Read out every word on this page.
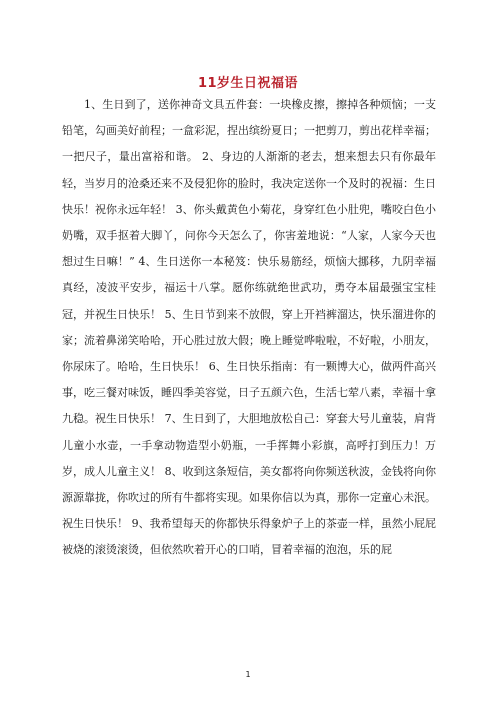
11岁生日祝福语

1、生日到了，送你神奇文具五件套：一块橡皮擦，擦掉各种烦恼；一支铅笔，勾画美好前程；一盒彩泥，捏出缤纷夏日；一把剪刀，剪出花样幸福；一把尺子，量出富裕和谐。 2、身边的人渐渐的老去，想来想去只有你最年轻，当岁月的沧桑还来不及侵犯你的脸时，我决定送你一个及时的祝福：生日快乐！祝你永远年轻！ 3、你头戴黄色小菊花，身穿红色小肚兜，嘴咬白色小奶嘴，双手抠着大脚丫，问你今天怎么了，你害羞地说：“人家，人家今天也想过生日嘛！” 4、生日送你一本秘笈：快乐易筋经，烦恼大挪移，九阴幸福真经，凌波平安步，福运十八掌。愿你练就绝世武功，勇夺本届最强宝宝桂冠，并祝生日快乐！ 5、生日节到来不放假，穿上开裆裤溜达，快乐溜进你的家；流着鼻涕笑哈哈，开心胜过放大假；晚上睡觉哗啦啦，不好啦，小朋友，你尿床了。哈哈，生日快乐！ 6、生日快乐指南：有一颗博大心，做两件高兴事，吃三餐对味饭，睡四季美容觉，日子五颜六色，生活七荤八素，幸福十拿九稳。祝生日快乐！ 7、生日到了，大胆地放松自己：穿套大号儿童装，肩背儿童小水壶，一手拿动物造型小奶瓶，一手挥舞小彩旗，高呼打到压力！万岁，成人儿童主义！ 8、收到这条短信，美女都将向你频送秋波，金钱将向你源源靠拢，你吹过的所有牛都将实现。如果你信以为真，那你一定童心未泯。祝生日快乐！ 9、我希望每天的你都快乐得象炉子上的茶壶一样，虽然小屁屁被烧的滚烫滚烫，但依然吹着开心的口哨，冒着幸福的泡泡，乐的屁

1
